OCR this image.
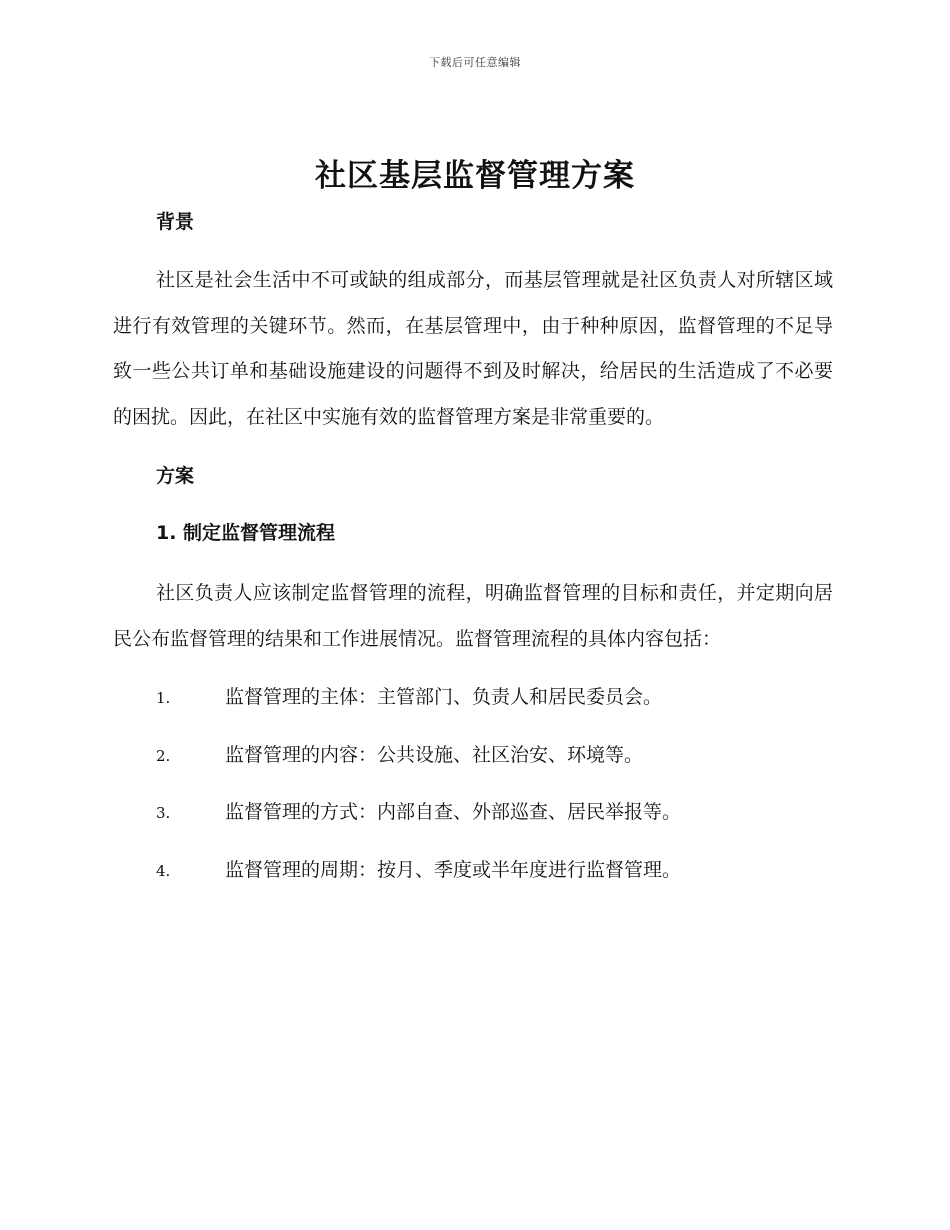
下载后可任意编辑
社区基层监督管理方案
背景

社区是社会生活中不可或缺的组成部分，而基层管理就是社区负责人对所辖区域进行有效管理的关键环节。然而，在基层管理中，由于种种原因，监督管理的不足导致一些公共订单和基础设施建设的问题得不到及时解决，给居民的生活造成了不必要的困扰。因此，在社区中实施有效的监督管理方案是非常重要的。

方案
1. 制定监督管理流程

社区负责人应该制定监督管理的流程，明确监督管理的目标和责任，并定期向居民公布监督管理的结果和工作进展情况。监督管理流程的具体内容包括：

1.	监督管理的主体：主管部门、负责人和居民委员会。
2.	监督管理的内容：公共设施、社区治安、环境等。
3.	监督管理的方式：内部自查、外部巡查、居民举报等。
4.	监督管理的周期：按月、季度或半年度进行监督管理。
